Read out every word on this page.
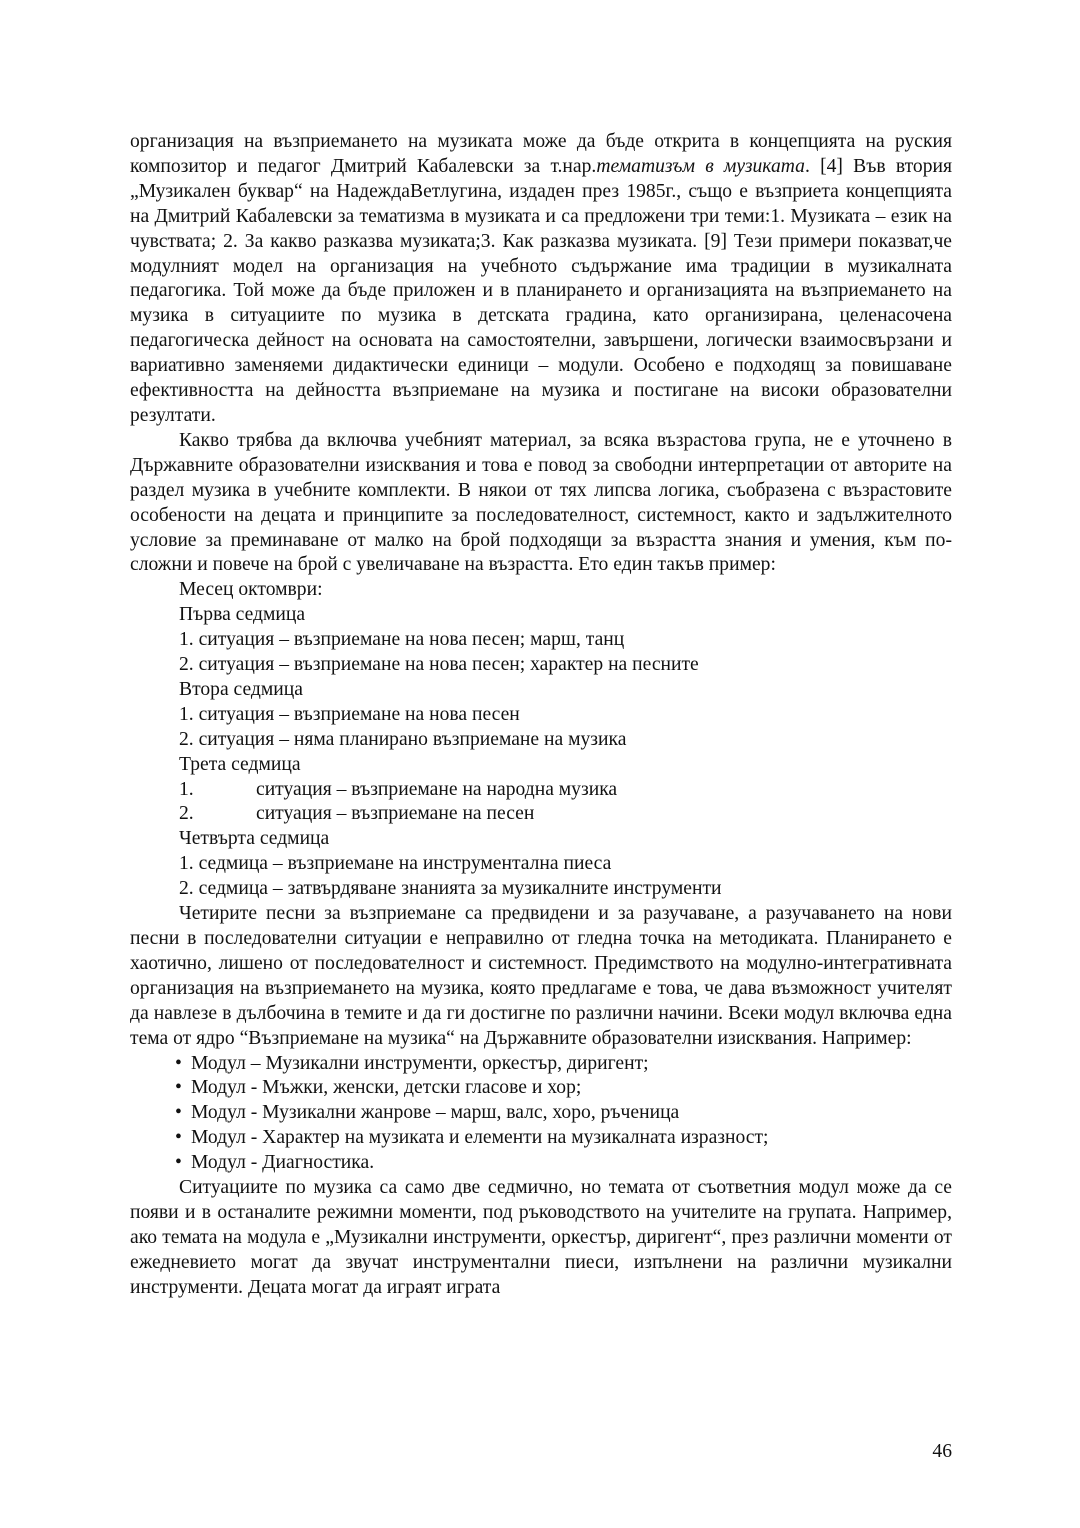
организация на възприемането на музиката може да бъде открита в концепцията на руския композитор и педагог Дмитрий Кабалевски за т.нар.тематизъм в музиката. [4] Във втория „Музикален буквар“ на НадеждаВетлугина, издаден през 1985г., също е възприета концепцията на Дмитрий Кабалевски за тематизма в музиката и са предложени три теми:1. Музиката – език на чувствата; 2. За какво разказва музиката;3. Как разказва музиката. [9] Тези примери показват,че модулният модел на организация на учебното съдържание има традиции в музикалната педагогика. Той може да бъде приложен и в планирането и организацията на възприемането на музика в ситуациите по музика в детската градина, като организирана, целенасочена педагогическа дейност на основата на самостоятелни, завършени, логически взаимосвързани и вариативно заменяеми дидактически единици – модули. Особено е подходящ за повишаване ефективността на дейността възприемане на музика и постигане на високи образователни резултати.

Какво трябва да включва учебният материал, за всяка възрастова група, не е уточнено в Държавните образователни изисквания и това е повод за свободни интерпретации от авторите на раздел музика в учебните комплекти. В някои от тях липсва логика, съобразена с възрастовите особености на децата и принципите за последователност, системност, както и задължителното условие за преминаване от малко на брой подходящи за възрастта знания и умения, към по-сложни и повече на брой с увеличаване на възрастта. Ето един такъв пример:

Месец октомври:
Първа седмица
1. ситуация – възприемане на нова песен; марш, танц
2. ситуация – възприемане на нова песен; характер на песните
Втора седмица
1. ситуация – възприемане на нова песен
2. ситуация – няма планирано възприемане на музика
Трета седмица
1.	ситуация – възприемане на народна музика
2.	ситуация – възприемане на песен
Четвърта седмица
1. седмица – възприемане на инструментална пиеса
2. седмица – затвърдяване знанията за музикалните инструменти

Четирите песни за възприемане са предвидени и за разучаване, а разучаването на нови песни в последователни ситуации е неправилно от гледна точка на методиката. Планирането е хаотично, лишено от последователност и системност. Предимството на модулно-интегративната организация на възприемането на музика, която предлагаме е това, че дава възможност учителят да навлезе в дълбочина в темите и да ги достигне по различни начини. Всеки модул включва една тема от ядро “Възприемане на музика“ на Държавните образователни изисквания. Например:

• Модул – Музикални инструменти, оркестър, диригент;
• Модул - Мъжки, женски, детски гласове и хор;
• Модул - Музикални жанрове – марш, валс, хоро, ръченица
• Модул - Характер на музиката и елементи на музикалната изразност;
• Модул - Диагностика.

Ситуациите по музика са само две седмично, но темата от съответния модул може да се появи и в останалите режимни моменти, под ръководството на учителите на групата. Например, ако темата на модула е „Музикални инструменти, оркестър, диригент“, през различни моменти от ежедневието могат да звучат инструментални пиеси, изпълнени на различни музикални инструменти. Децата могат да играят играта

46
